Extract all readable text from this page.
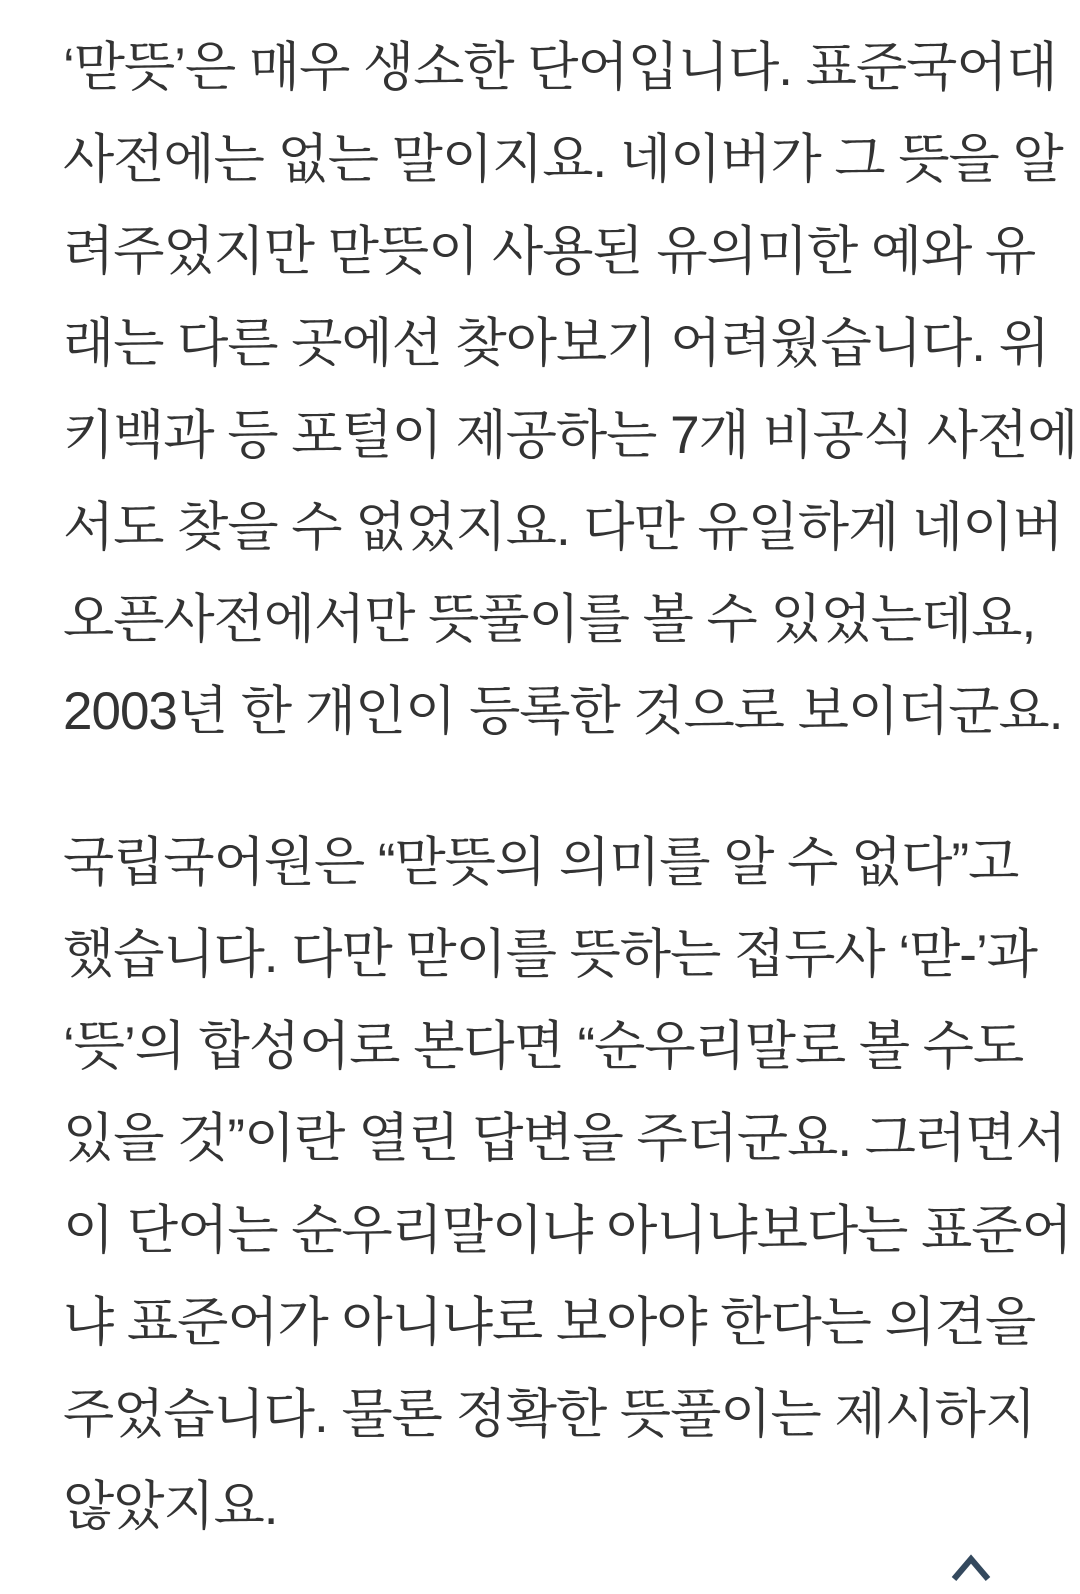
‘맏뜻’은 매우 생소한 단어입니다. 표준국어대
사전에는 없는 말이지요. 네이버가 그 뜻을 알
려주었지만 맏뜻이 사용된 유의미한 예와 유
래는 다른 곳에선 찾아보기 어려웠습니다. 위
키백과 등 포털이 제공하는 7개 비공식 사전에
서도 찾을 수 없었지요. 다만 유일하게 네이버
오픈사전에서만 뜻풀이를 볼 수 있었는데요,
2003년 한 개인이 등록한 것으로 보이더군요.
국립국어원은 “맏뜻의 의미를 알 수 없다”고
했습니다. 다만 맏이를 뜻하는 접두사 ‘맏-’과
‘뜻’의 합성어로 본다면 “순우리말로 볼 수도
있을 것”이란 열린 답변을 주더군요. 그러면서
이 단어는 순우리말이냐 아니냐보다는 표준어
냐 표준어가 아니냐로 보아야 한다는 의견을
주었습니다. 물론 정확한 뜻풀이는 제시하지
않았지요.
